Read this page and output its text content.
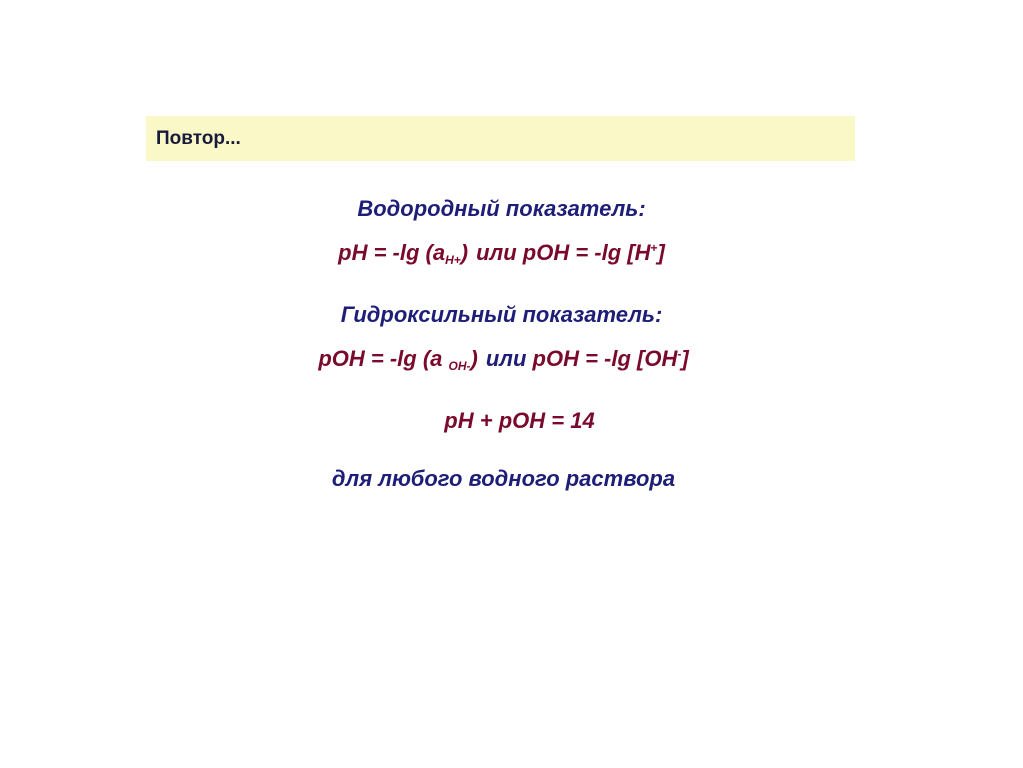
Повтор...
Водородный показатель:
pH = -lg $(a_{H+})$ или pOH = -lg [H+]
Гидроксильный показатель:
pOH = -lg (a $_{OH-}$) или pOH = -lg [OH-]
pH + pOH = 14
для любого водного раствора
